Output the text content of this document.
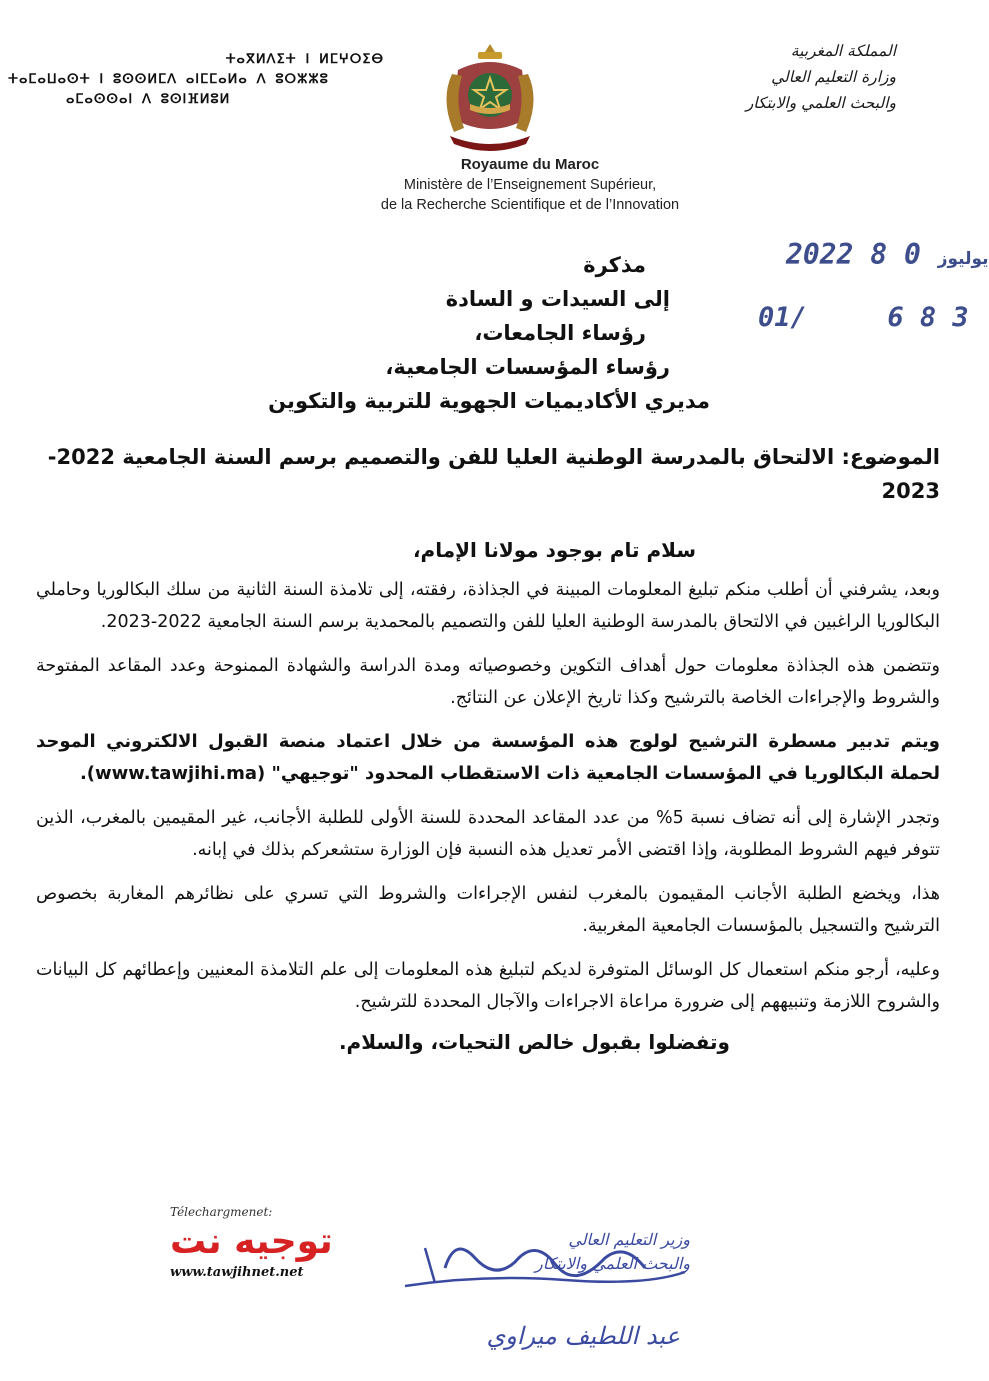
المملكة المغربية
وزارة التعليم العالي
والبحث العلمي والابتكار
ⵜⴰⴳⵍⴷⵉⵜ ⵏ ⵍⵎⵖⵔⵉⴱ
ⵜⴰⵎⴰⵡⴰⵙⵜ ⵏ ⵓⵙⵙⵍⵎⴷ ⴰⵏⵎⵎⴰⵍⴰ ⴷ ⵓⵔⵣⵣⵓ
ⴰⵎⴰⵙⵙⴰⵏ ⴷ ⵓⵙⵏⴼⵍⵓⵍ
Royaume du Maroc
Ministère de l’Enseignement Supérieur,
de la Recherche Scientifique et de l’Innovation
2022	يوليوز 0 8
01/	6 8 3
مذكرة
إلى السيدات و السادة
رؤساء الجامعات،
رؤساء المؤسسات الجامعية،
مديري الأكاديميات الجهوية للتربية والتكوين
الموضوع: الالتحاق بالمدرسة الوطنية العليا للفن والتصميم برسم السنة الجامعية 2022-2023
سلام تام بوجود مولانا الإمام،
وبعد، يشرفني أن أطلب منكم تبليغ المعلومات المبينة في الجذاذة، رفقته، إلى تلامذة السنة الثانية من سلك البكالوريا وحاملي البكالوريا الراغبين في الالتحاق بالمدرسة الوطنية العليا للفن والتصميم بالمحمدية برسم السنة الجامعية 2022-2023.
وتتضمن هذه الجذاذة معلومات حول أهداف التكوين وخصوصياته ومدة الدراسة والشهادة الممنوحة وعدد المقاعد المفتوحة والشروط والإجراءات الخاصة بالترشيح وكذا تاريخ الإعلان عن النتائج.
ويتم تدبير مسطرة الترشيح لولوج هذه المؤسسة من خلال اعتماد منصة القبول الالكتروني الموحد لحملة البكالوريا في المؤسسات الجامعية ذات الاستقطاب المحدود "توجيهي" (www.tawjihi.ma).
وتجدر الإشارة إلى أنه تضاف نسبة 5% من عدد المقاعد المحددة للسنة الأولى للطلبة الأجانب، غير المقيمين بالمغرب، الذين تتوفر فيهم الشروط المطلوبة، وإذا اقتضى الأمر تعديل هذه النسبة فإن الوزارة ستشعركم بذلك في إبانه.
هذا، ويخضع الطلبة الأجانب المقيمون بالمغرب لنفس الإجراءات والشروط التي تسري على نظائرهم المغاربة بخصوص الترشيح والتسجيل بالمؤسسات الجامعية المغربية.
وعليه، أرجو منكم استعمال كل الوسائل المتوفرة لديكم لتبليغ هذه المعلومات إلى علم التلامذة المعنيين وإعطائهم كل البيانات والشروح اللازمة وتنبيههم إلى ضرورة مراعاة الاجراءات والآجال المحددة للترشيح.
وتفضلوا بقبول خالص التحيات، والسلام.
Télechargmenet:
توجيه نت
www.tawjihnet.net
وزير التعليم العالي
والبحث العلمي والابتكار
عبد اللطيف ميراوي
